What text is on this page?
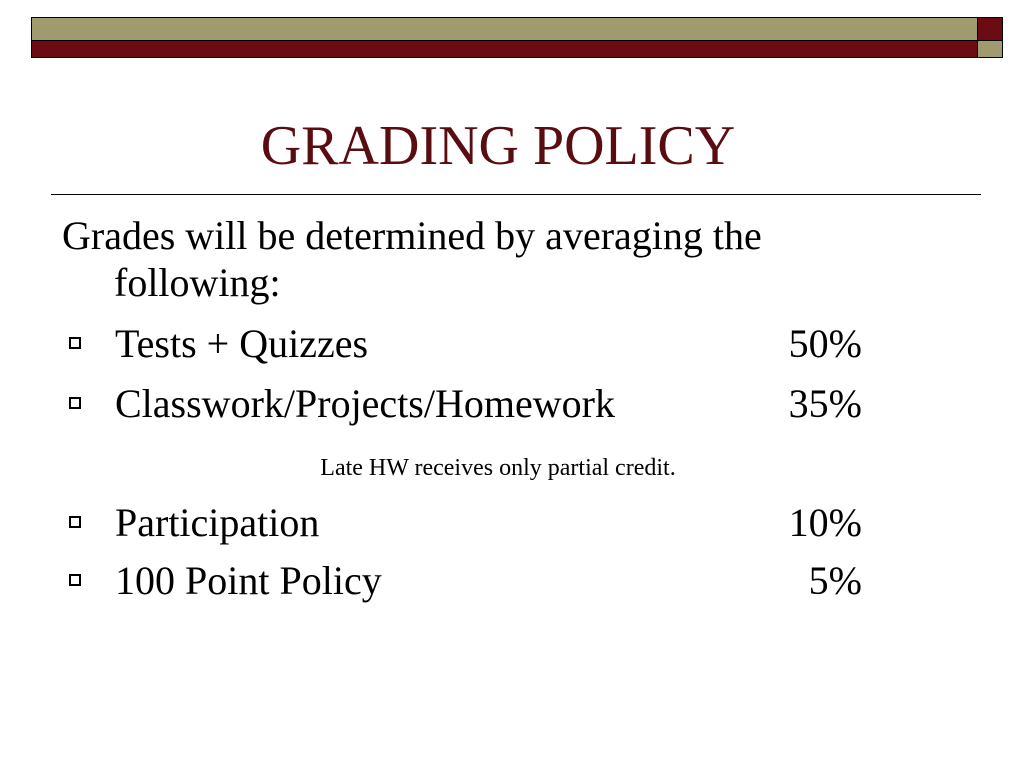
GRADING POLICY
Grades will be determined by averaging the following:
Tests + Quizzes	50%
Classwork/Projects/Homework	35%
Late HW receives only partial credit.
Participation	10%
100 Point Policy	5%
